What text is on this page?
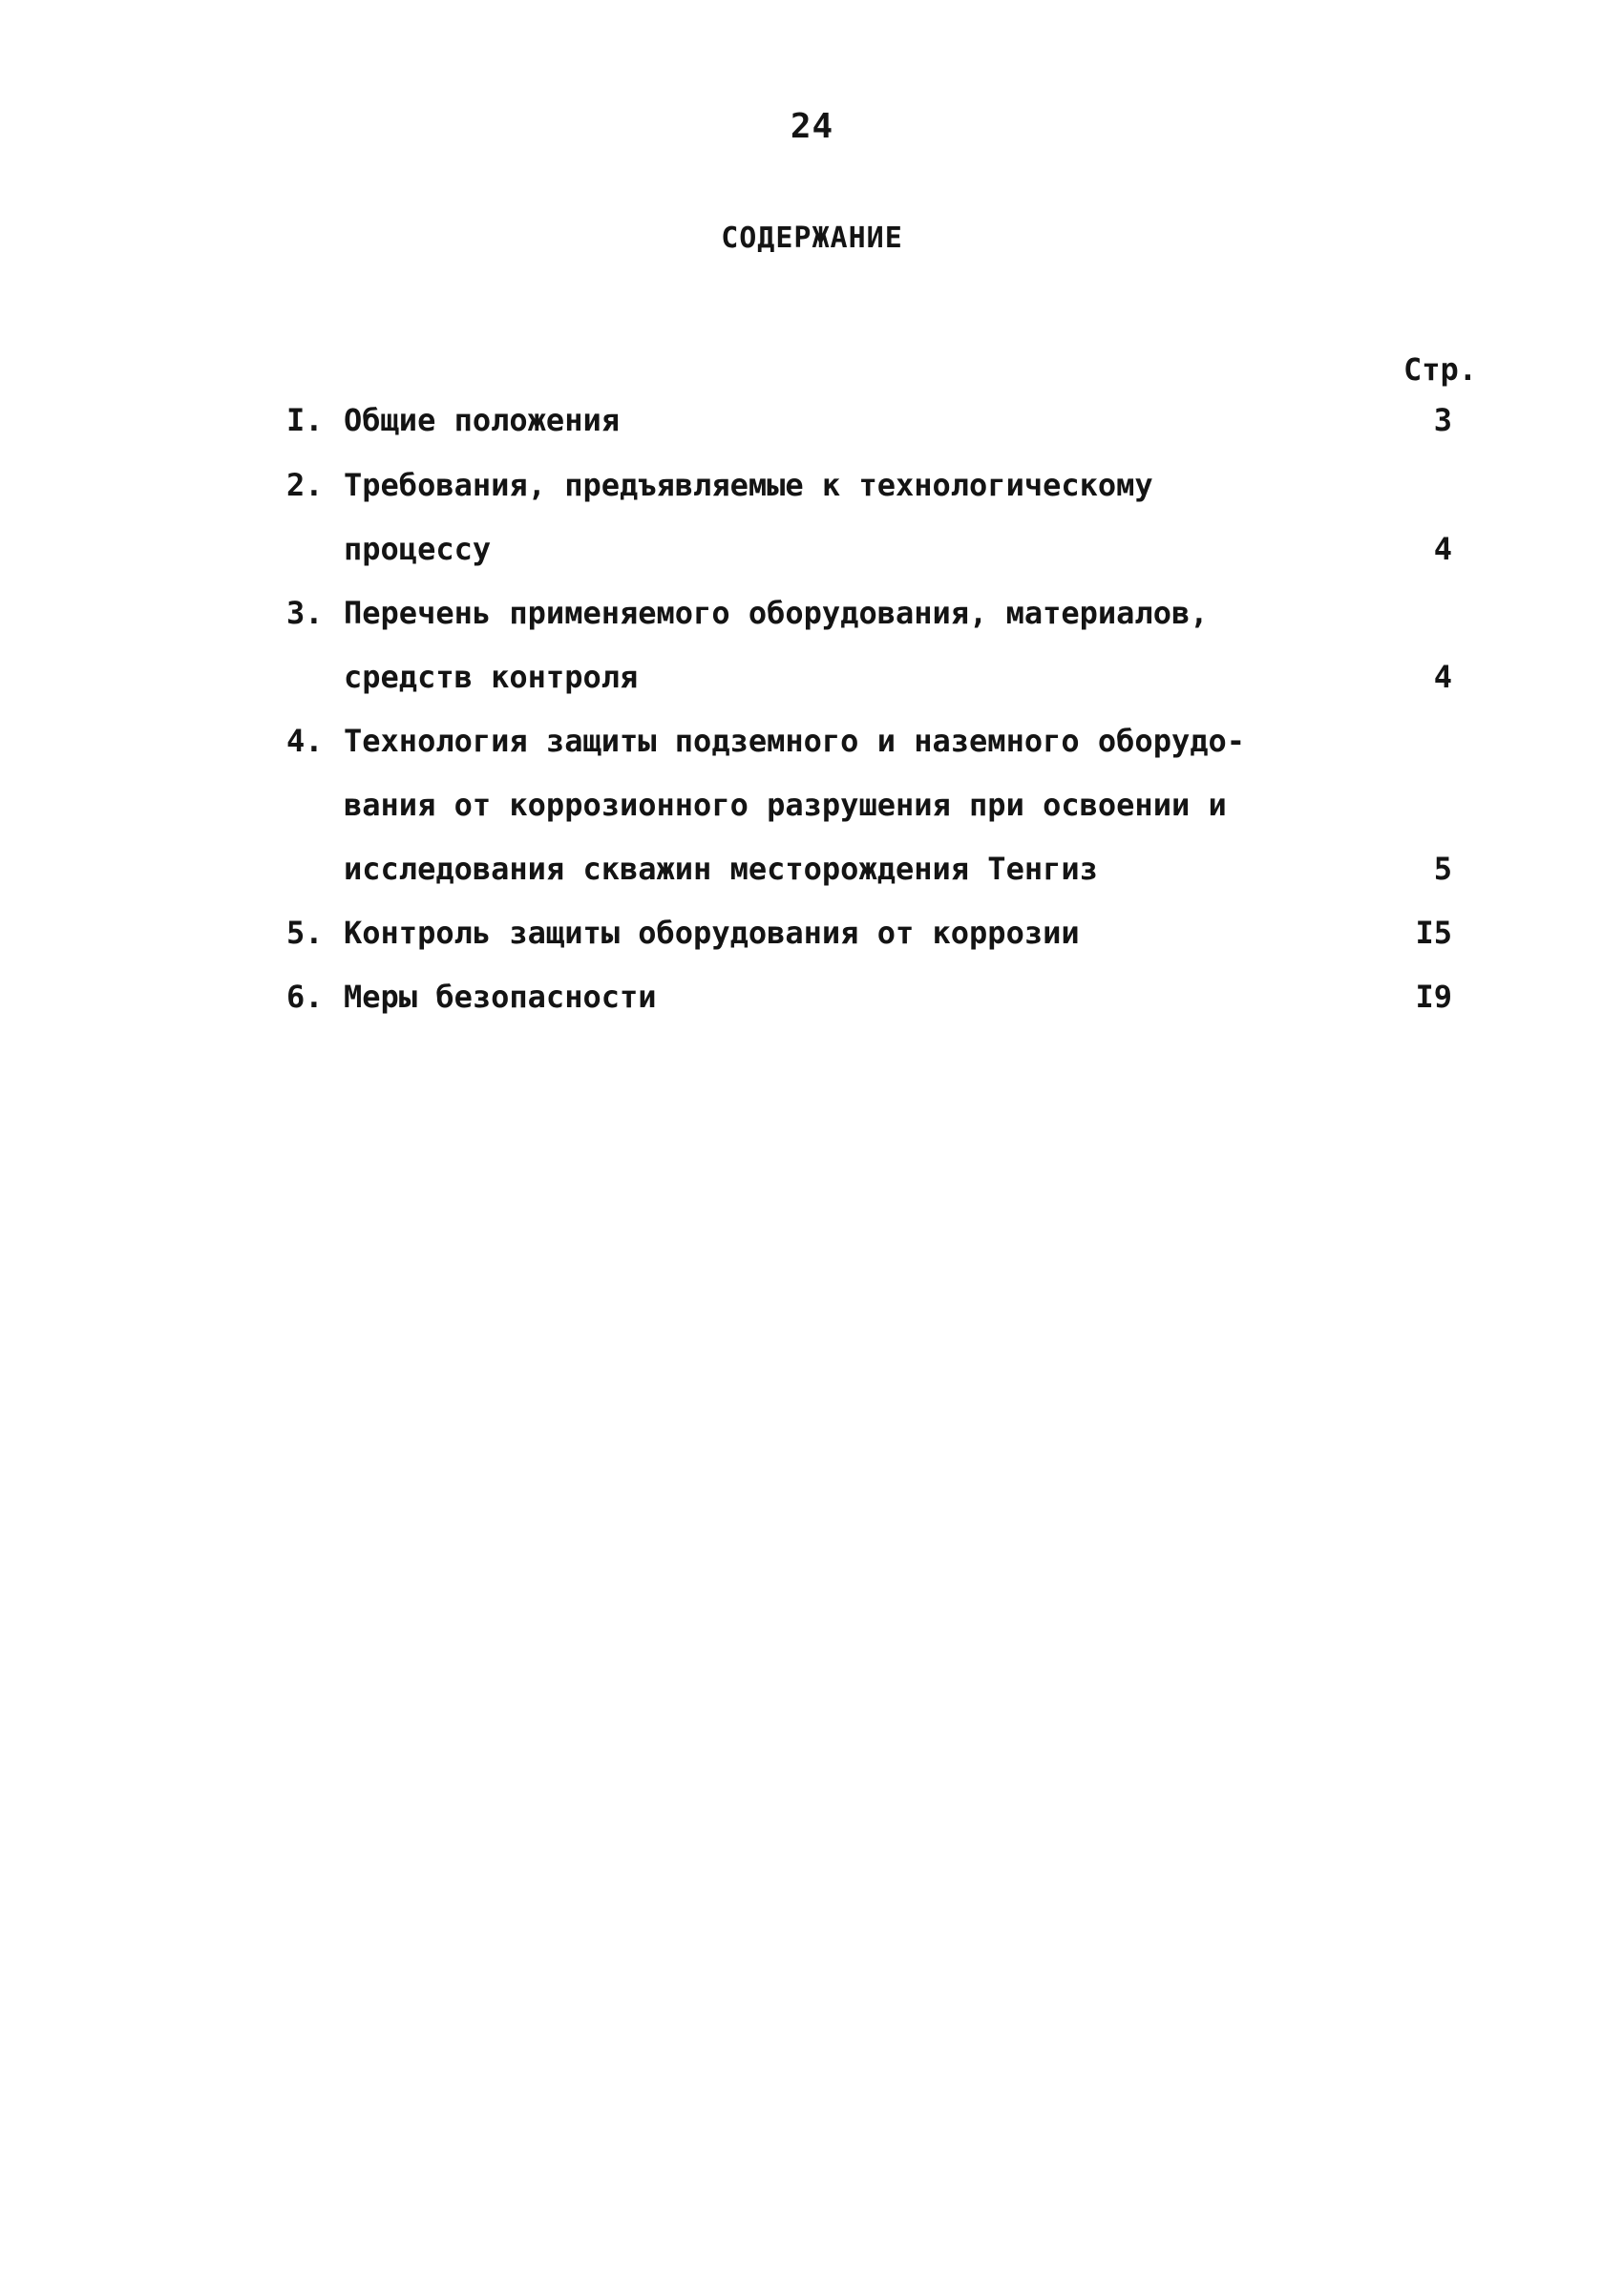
24
СОДЕРЖАНИЕ
Стр.
I. Общие положения	3
2. Требования, предъявляемые к технологическому
процессу	4
3. Перечень применяемого оборудования, материалов,
средств контроля	4
4. Технология защиты подземного и наземного оборудо-
вания от коррозионного разрушения при освоении и
исследования скважин месторождения Тенгиз	5
5. Контроль защиты оборудования от коррозии	I5
6. Меры безопасности	I9
